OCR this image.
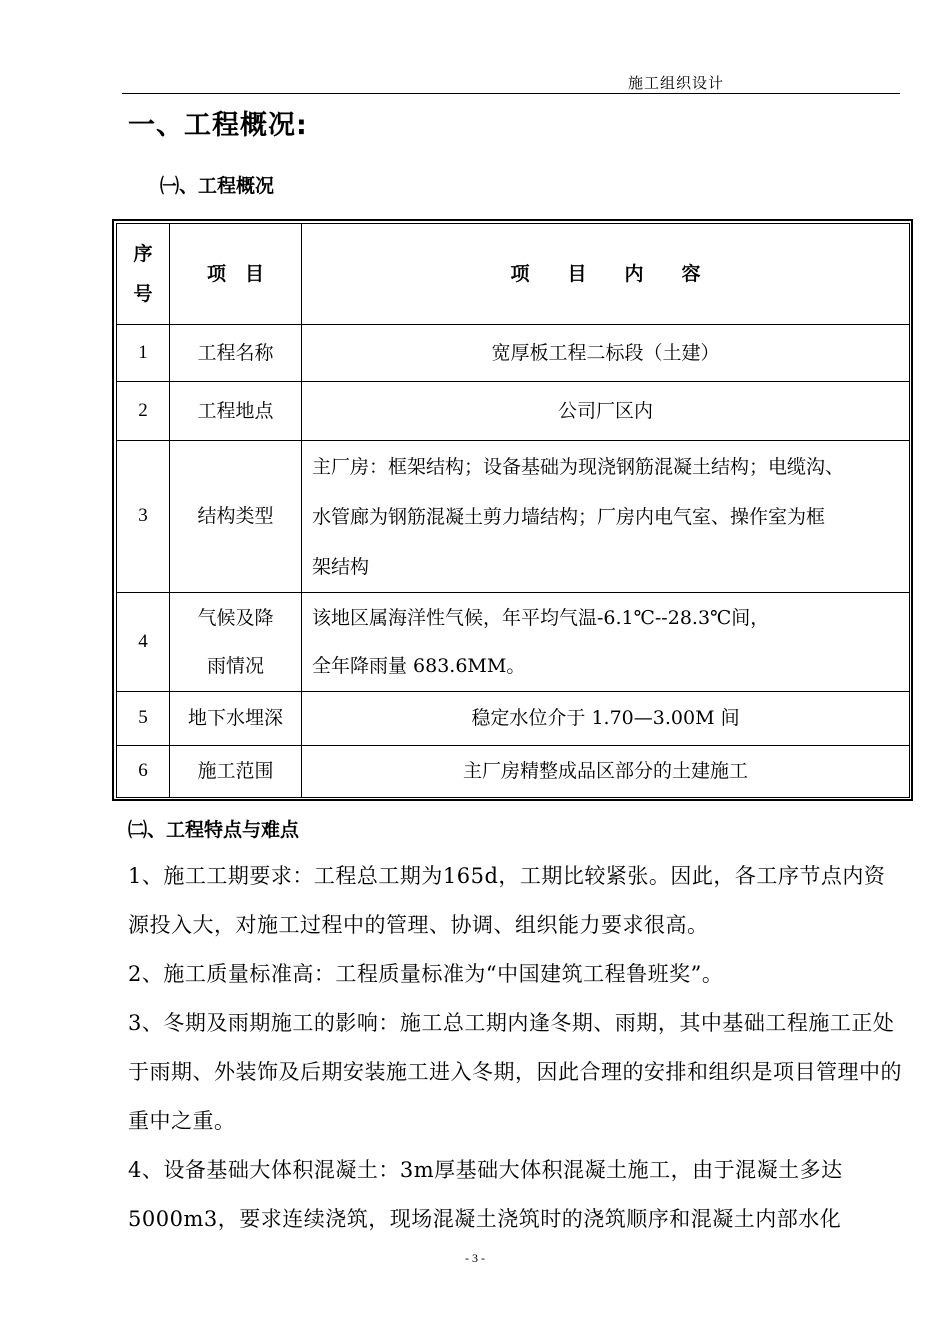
施工组织设计
一、工程概况:
㈠、工程概况
序号	项　目	项　　目　　内　　容
1	工程名称	宽厚板工程二标段（土建）
2	工程地点	公司厂区内
3	结构类型	主厂房：框架结构；设备基础为现浇钢筋混凝土结构；电缆沟、
水管廊为钢筋混凝土剪力墙结构；厂房内电气室、操作室为框
架结构

4	气候及降雨情况	该地区属海洋性气候，年平均气温-6.1℃--28.3℃间，
全年降雨量 683.6MM。

5	地下水埋深	稳定水位介于 1.70—3.00M 间
6	施工范围	主厂房精整成品区部分的土建施工
㈡、工程特点与难点
1、施工工期要求：工程总工期为165d，工期比较紧张。因此，各工序节点内资源投入大，对施工过程中的管理、协调、组织能力要求很高。
2、施工质量标准高：工程质量标准为“中国建筑工程鲁班奖”。
3、冬期及雨期施工的影响：施工总工期内逢冬期、雨期，其中基础工程施工正处于雨期、外装饰及后期安装施工进入冬期，因此合理的安排和组织是项目管理中的重中之重。
4、设备基础大体积混凝土：3m厚基础大体积混凝土施工，由于混凝土多达5000m3，要求连续浇筑，现场混凝土浇筑时的浇筑顺序和混凝土内部水化
- 3 -
